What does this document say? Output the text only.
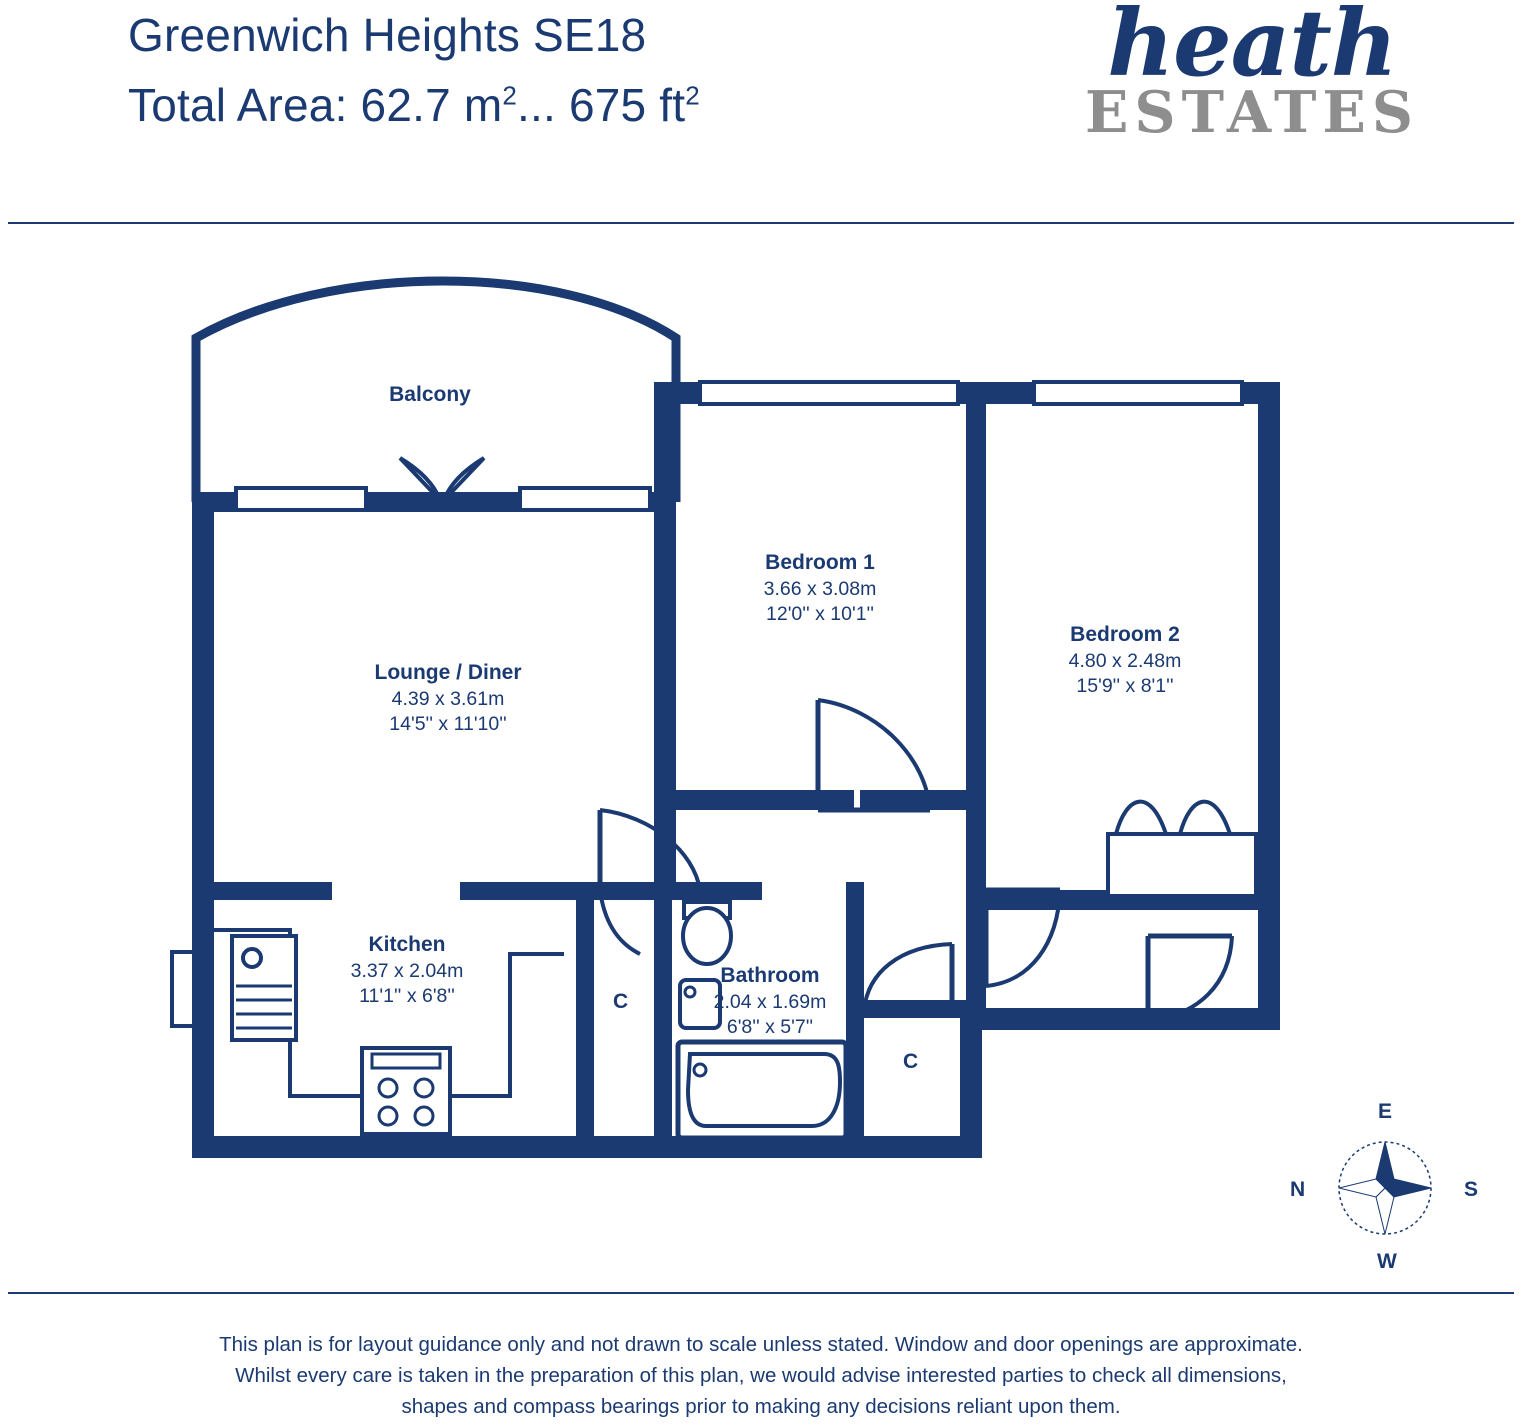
Greenwich Heights SE18
Total Area: 62.7 $m^2$... 675 $ft^2$	heath
ESTATES
Balcony
Lounge / Diner
4.39 x 3.61m
14'5'' x 11'10''
Bedroom 1
3.66 x 3.08m
12'0'' x 10'1''
Bedroom 2
4.80 x 2.48m
15'9'' x 8'1''
Kitchen
3.37 x 2.04m
11'1'' x 6'8''
Bathroom
2.04 x 1.69m
6'8'' x 5'7''
C
C
IN
E
S
W
N
This plan is for layout guidance only and not drawn to scale unless stated. Window and door openings are approximate.
Whilst every care is taken in the preparation of this plan, we would advise interested parties to check all dimensions,
shapes and compass bearings prior to making any decisions reliant upon them.
